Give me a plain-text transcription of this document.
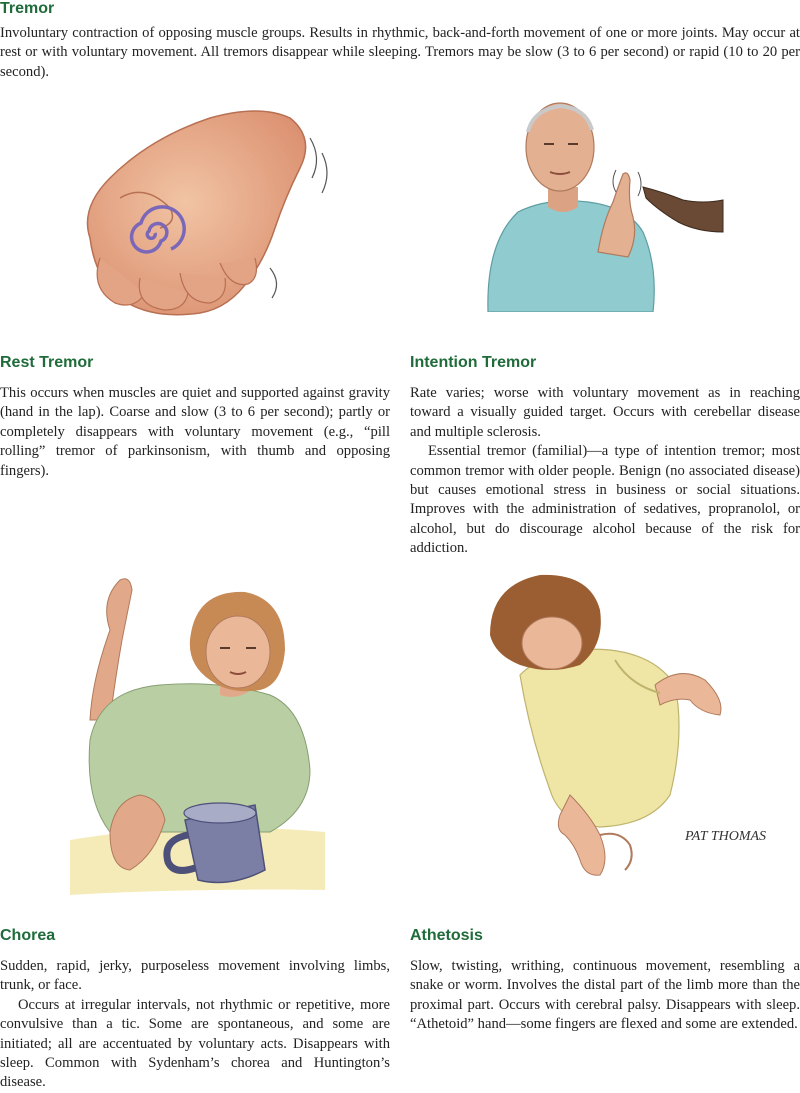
Tremor

Involuntary contraction of opposing muscle groups. Results in rhythmic, back-and-forth movement of one or more joints. May occur at rest or with voluntary movement. All tremors disappear while sleeping. Tremors may be slow (3 to 6 per second) or rapid (10 to 20 per second).

Rest Tremor

This occurs when muscles are quiet and supported against gravity (hand in the lap). Coarse and slow (3 to 6 per second); partly or completely disappears with voluntary movement (e.g., “pill rolling” tremor of parkinsonism, with thumb and opposing fingers).

Intention Tremor

Rate varies; worse with voluntary movement as in reaching toward a visually guided target. Occurs with cerebellar disease and multiple sclerosis.

Essential tremor (familial)—a type of intention tremor; most common tremor with older people. Benign (no associated disease) but causes emotional stress in business or social situations. Improves with the administration of sedatives, propranolol, or alcohol, but do discourage alcohol because of the risk for addiction.

PAT THOMAS
Chorea

Sudden, rapid, jerky, purposeless movement involving limbs, trunk, or face.

Occurs at irregular intervals, not rhythmic or repetitive, more convulsive than a tic. Some are spontaneous, and some are initiated; all are accentuated by voluntary acts. Disappears with sleep. Common with Sydenham’s chorea and Huntington’s disease.

Athetosis

Slow, twisting, writhing, continuous movement, resembling a snake or worm. Involves the distal part of the limb more than the proximal part. Occurs with cerebral palsy. Disappears with sleep. “Athetoid” hand—some fingers are flexed and some are extended.
